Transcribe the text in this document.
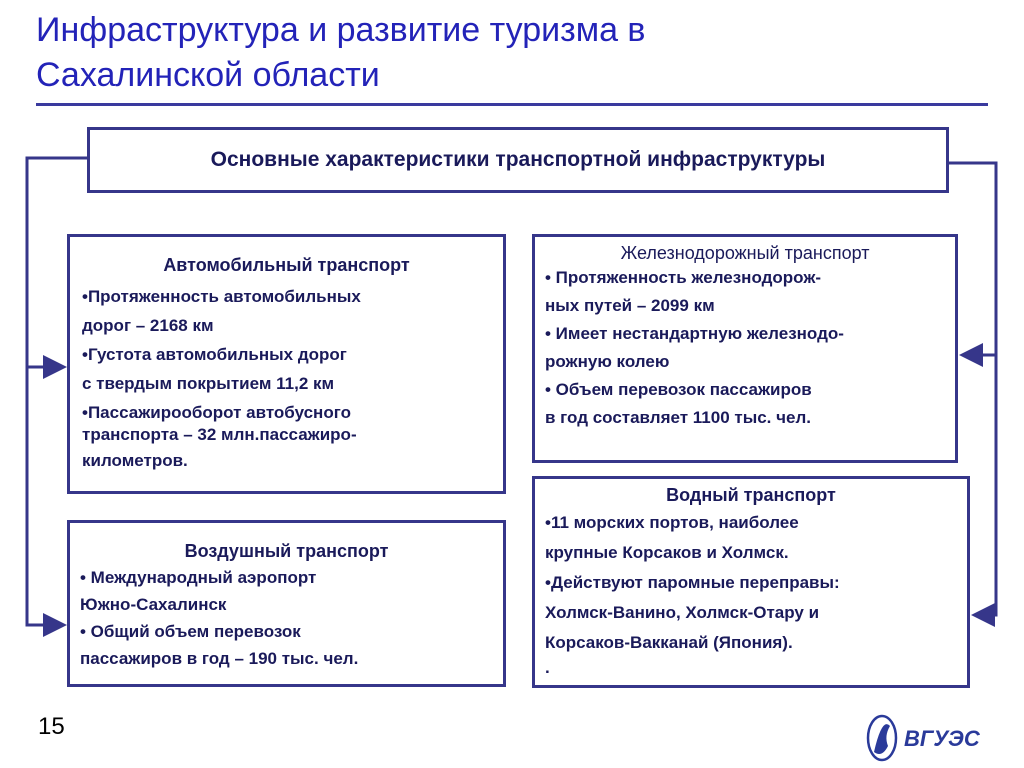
Инфраструктура и развитие туризма в
Сахалинской области
Основные характеристики транспортной инфраструктуры
Автомобильный транспорт
•Протяженность автомобильных
дорог – 2168 км
•Густота автомобильных дорог
с твердым покрытием 11,2 км
•Пассажирооборот автобусного
транспорта – 32 млн.пассажиро-
километров.
Железнодорожный транспорт
• Протяженность железнодорож-
ных путей – 2099 км
• Имеет нестандартную железнодо-
рожную колею
• Объем перевозок пассажиров
в год составляет 1100 тыс. чел.
Воздушный транспорт
• Международный аэропорт
Южно-Сахалинск
• Общий объем перевозок
пассажиров в год – 190 тыс. чел.
Водный транспорт
•11 морских портов, наиболее
крупные Корсаков и Холмск.
•Действуют паромные переправы:
Холмск-Ванино, Холмск-Отару и
Корсаков-Вакканай (Япония).
.
15	ВГУЭС
